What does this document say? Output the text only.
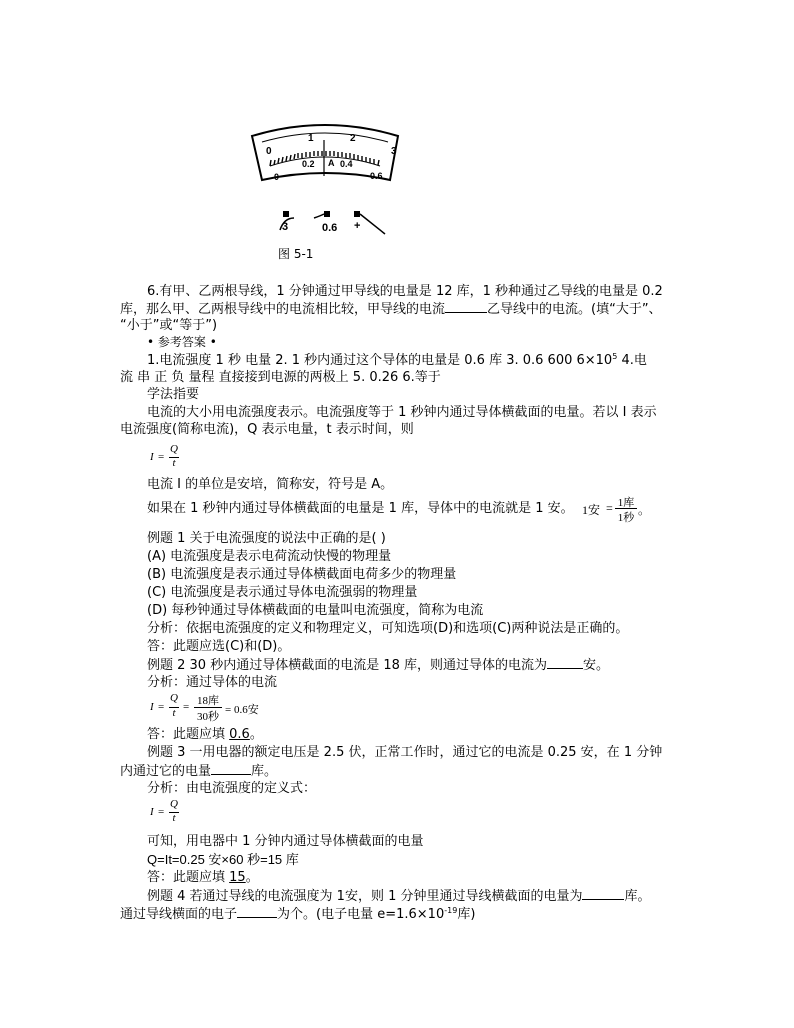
0
1	2
3
0
0.2 A 0.4
0.6
3	0.6 +
图 5-1
6.有甲、乙两根导线，1 分钟通过甲导线的电量是 12 库，1 秒种通过乙导线的电量是 0.2
库，那么甲、乙两根导线中的电流相比较，甲导线的电流	乙导线中的电流。(填“大于”、
“小于”或“等于”)
• 参考答案 •
1.电流强度 1 秒 电量 2. 1 秒内通过这个导体的电量是 0.6 库 3. 0.6 600 $6\times 10^5$ 4.电
流 串 正 负 量程 直接接到电源的两极上 5. 0.26 6.等于
学法指要
电流的大小用电流强度表示。电流强度等于 1 秒钟内通过导体横截面的电量。若以 I 表示
电流强度(简称电流)，Q 表示电量，t 表示时间，则
I =
Q
t
电流 I 的单位是安培，简称安，符号是 A。
如果在 1 秒钟内通过导体横截面的电量是 1 库，导体中的电流就是 1 安。 1安 = 1库
1秒
。
例题 1 关于电流强度的说法中正确的是( )
(A) 电流强度是表示电荷流动快慢的物理量
(B) 电流强度是表示通过导体横截面电荷多少的物理量
(C) 电流强度是表示通过导体电流强弱的物理量
(D) 每秒钟通过导体横截面的电量叫电流强度，简称为电流
分析：依据电流强度的定义和物理定义，可知选项(D)和选项(C)两种说法是正确的。
答：此题应选(C)和(D)。
例题 2 30 秒内通过导体横截面的电流是 18 库，则通过导体的电流为	安。
分析：通过导体的电流
I =
Q
t = 18库
30秒
= 0.6安
答：此题应填 0.6。
例题 3 一用电器的额定电压是 2.5 伏，正常工作时，通过它的电流是 0.25 安，在 1 分钟
内通过它的电量	库。
分析：由电流强度的定义式：
I =
Q
t
可知，用电器中 1 分钟内通过导体横截面的电量
Q=It=0.25 安×60 秒=15 库
答：此题应填 15。
例题 4 若通过导线的电流强度为 1安，则 1 分钟里通过导线横截面的电量为	库。
通过导线横面的电子	为个。(电子电量 $e=1.6\times 10^{-19}$库)
